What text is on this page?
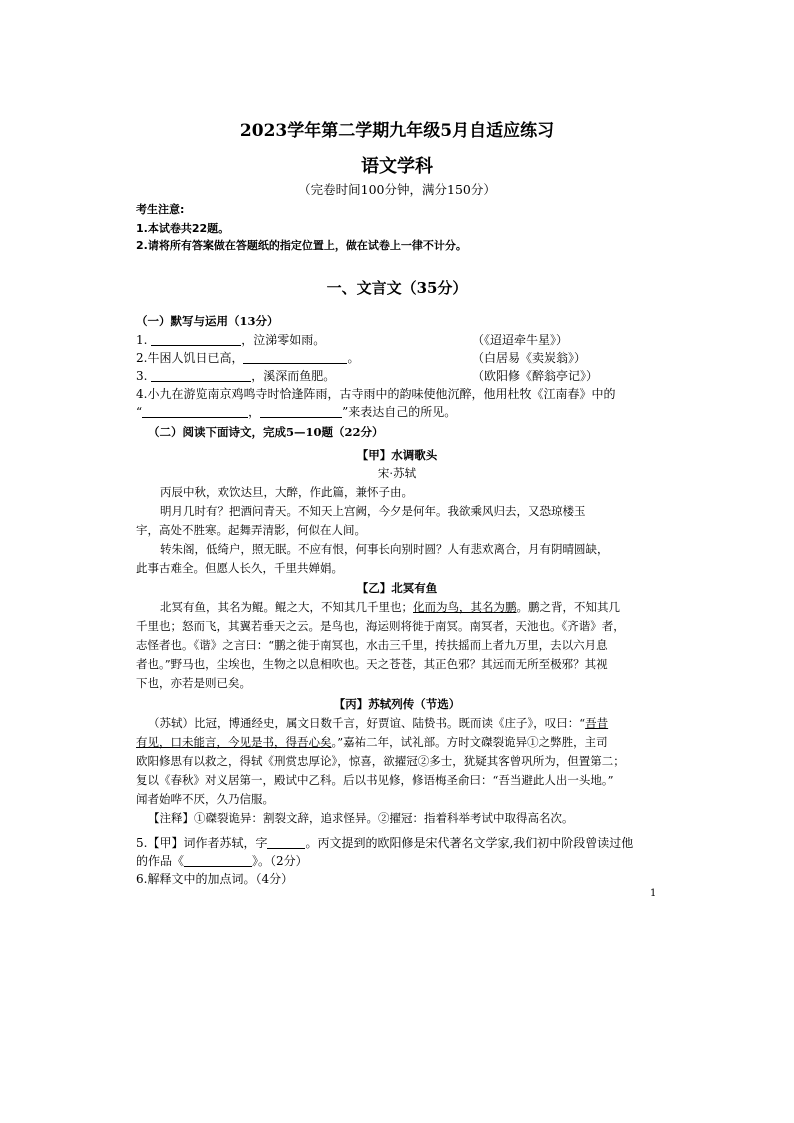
2023学年第二学期九年级5月自适应练习
语文学科
（完卷时间100分钟，满分150分）
考生注意:
1.本试卷共22题。
2.请将所有答案做在答题纸的指定位置上，做在试卷上一律不计分。
一、文言文（35分）
（一）默写与运用（13分）
1.	，泣涕零如雨。	（《迢迢牵牛星》）
2.牛困人饥日已高，	。	（白居易《卖炭翁》）
3.	，溪深而鱼肥。	（欧阳修《醉翁亭记》）
4.小九在游览南京鸡鸣寺时恰逢阵雨，古寺雨中的韵味使他沉醉，他用杜牧《江南春》中的
“	，	”来表达自己的所见。
（二）阅读下面诗文，完成5—10题（22分）
【甲】水调歌头
宋·苏轼
丙辰中秋，欢饮达旦，大醉，作此篇，兼怀子由。
明月几时有？把酒问青天。不知天上宫阙，今夕是何年。我欲乘风归去，又恐琼楼玉
宇，高处不胜寒。起舞弄清影，何似在人间。
转朱阁，低绮户，照无眠。不应有恨，何事长向别时圆？人有悲欢离合，月有阴晴圆缺，
此事古难全。但愿人长久，千里共婵娟。
【乙】北冥有鱼
北冥有鱼，其名为鲲。鲲之大，不知其几千里也；化而为鸟，其名为鹏。鹏之背，不知其几
千里也；怒而飞，其翼若垂天之云。是鸟也，海运则将徙于南冥。南冥者，天池也。《齐谐》者，
志怪者也。《谐》之言曰：“鹏之徙于南冥也，水击三千里，抟扶摇而上者九万里，去以六月息
者也。”野马也，尘埃也，生物之以息相吹也。天之苍苍，其正色邪？其远而无所至极邪？其视
下也，亦若是则已矣。
【丙】苏轼列传（节选）
（苏轼）比冠，博通经史，属文日数千言，好贾谊、陆贽书。既而读《庄子》，叹曰：“吾昔
有见，口未能言，今见是书，得吾心矣。”嘉祐二年，试礼部。方时文磔裂诡异①之弊胜，主司
欧阳修思有以救之，得轼《刑赏忠厚论》，惊喜，欲擢冠②多士，犹疑其客曾巩所为，但置第二；
复以《春秋》对义居第一，殿试中乙科。后以书见修，修语梅圣俞曰：“吾当避此人出一头地。”
闻者始哗不厌，久乃信服。
【注释】①磔裂诡异：割裂文辞，追求怪异。②擢冠：指着科举考试中取得高名次。
5.【甲】词作者苏轼，字	。丙文提到的欧阳修是宋代著名文学家,我们初中阶段曾读过他
的作品《	》。（2分）
6.解释文中的加点词。（4分）
1
